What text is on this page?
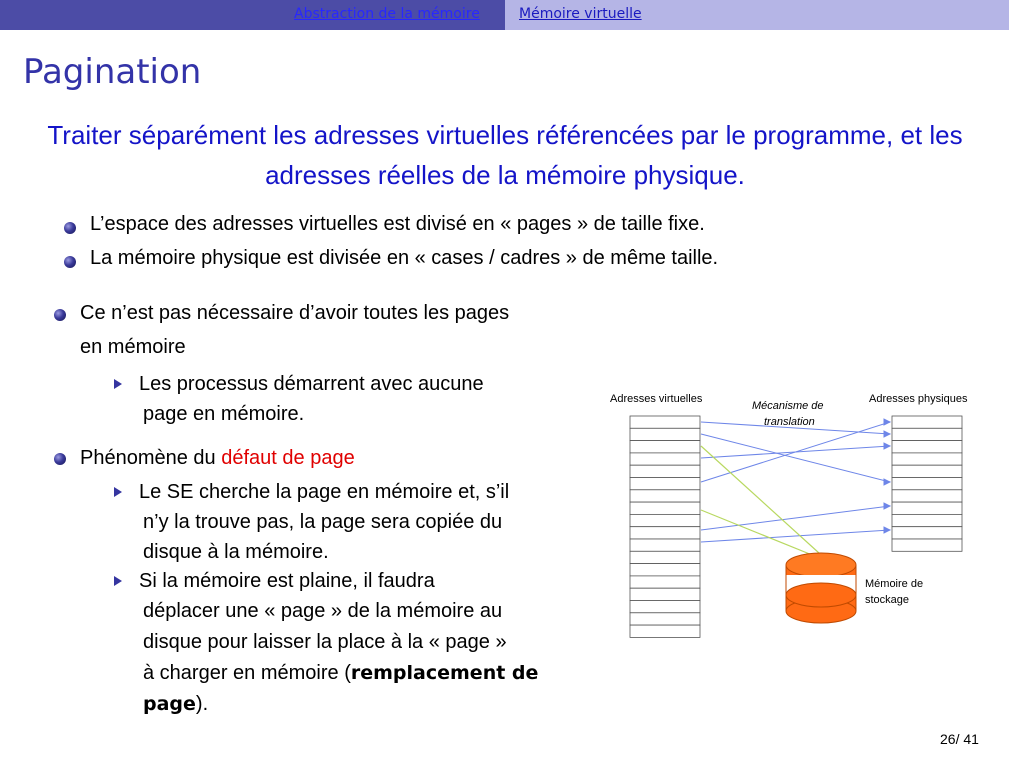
Abstraction de la mémoire	Mémoire virtuelle
Pagination
Traiter séparément les adresses virtuelles référencées par le programme, et les adresses réelles de la mémoire physique.
L’espace des adresses virtuelles est divisé en « pages » de taille fixe.
La mémoire physique est divisée en « cases / cadres » de même taille.
Ce n’est pas nécessaire d’avoir toutes les pages
en mémoire
Les processus démarrent avec aucune
page en mémoire.
Phénomène du défaut de page
Le SE cherche la page en mémoire et, s’il
n’y la trouve pas, la page sera copiée du
disque à la mémoire.
Si la mémoire est plaine, il faudra
déplacer une « page » de la mémoire au
disque pour laisser la place à la « page »
à charger en mémoire (remplacement de
page).
Adresses virtuelles	Adresses physiques
Mécanisme de
translation
Mémoire de
stockage
26/ 41
